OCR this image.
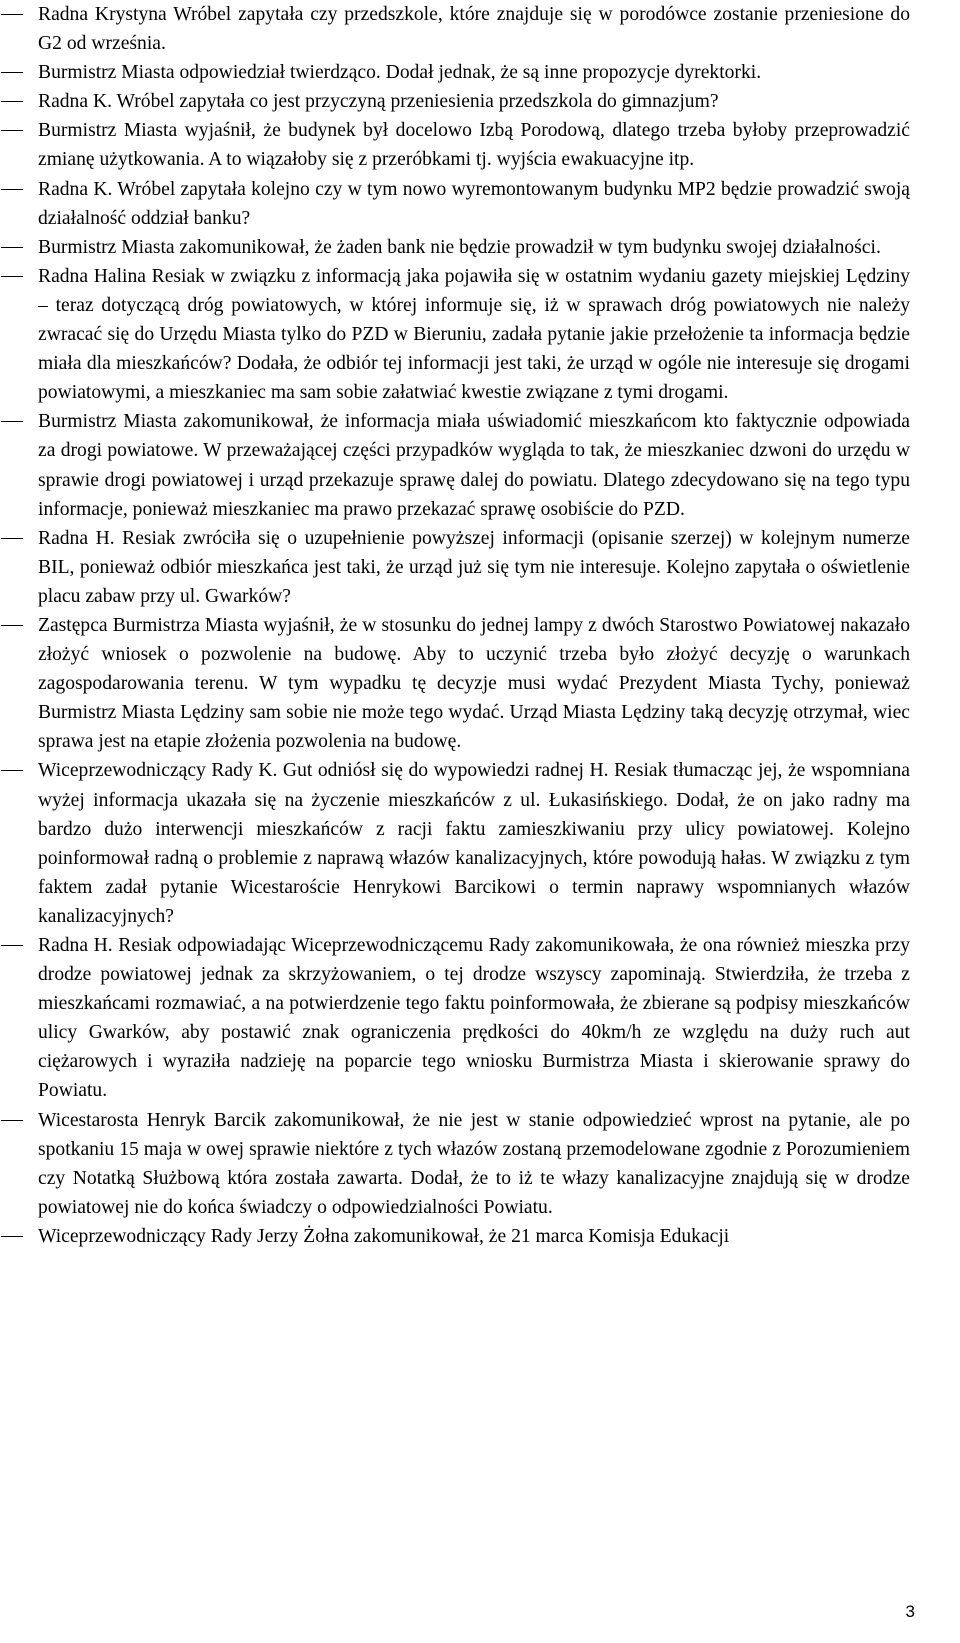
Radna Krystyna Wróbel zapytała czy przedszkole, które znajduje się w porodówce zostanie przeniesione do G2 od września.
Burmistrz Miasta odpowiedział twierdząco. Dodał jednak, że są inne propozycje dyrektorki.
Radna K. Wróbel zapytała co jest przyczyną przeniesienia przedszkola do gimnazjum?
Burmistrz Miasta wyjaśnił, że budynek był docelowo Izbą Porodową, dlatego trzeba byłoby przeprowadzić zmianę użytkowania. A to wiązałoby się z przeróbkami tj. wyjścia ewakuacyjne itp.
Radna K. Wróbel zapytała kolejno czy w tym nowo wyremontowanym budynku MP2 będzie prowadzić swoją działalność oddział banku?
Burmistrz Miasta zakomunikował, że żaden bank nie będzie prowadził w tym budynku swojej działalności.
Radna Halina Resiak w związku z informacją jaka pojawiła się w ostatnim wydaniu gazety miejskiej Lędziny – teraz dotyczącą dróg powiatowych, w której informuje się, iż w sprawach dróg powiatowych nie należy zwracać się do Urzędu Miasta tylko do PZD w Bieruniu, zadała pytanie jakie przełożenie ta informacja będzie miała dla mieszkańców? Dodała, że odbiór tej informacji jest taki, że urząd w ogóle nie interesuje się drogami powiatowymi, a mieszkaniec ma sam sobie załatwiać kwestie związane z tymi drogami.
Burmistrz Miasta zakomunikował, że informacja miała uświadomić mieszkańcom kto faktycznie odpowiada za drogi powiatowe. W przeważającej części przypadków wygląda to tak, że mieszkaniec dzwoni do urzędu w sprawie drogi powiatowej i urząd przekazuje sprawę dalej do powiatu. Dlatego zdecydowano się na tego typu informacje, ponieważ mieszkaniec ma prawo przekazać sprawę osobiście do PZD.
Radna H. Resiak zwróciła się o uzupełnienie powyższej informacji (opisanie szerzej) w kolejnym numerze BIL, ponieważ odbiór mieszkańca jest taki, że urząd już się tym nie interesuje. Kolejno zapytała o oświetlenie placu zabaw przy ul. Gwarków?
Zastępca Burmistrza Miasta wyjaśnił, że w stosunku do jednej lampy z dwóch Starostwo Powiatowej nakazało złożyć wniosek o pozwolenie na budowę. Aby to uczynić trzeba było złożyć decyzję o warunkach zagospodarowania terenu. W tym wypadku tę decyzje musi wydać Prezydent Miasta Tychy, ponieważ Burmistrz Miasta Lędziny sam sobie nie może tego wydać. Urząd Miasta Lędziny taką decyzję otrzymał, wiec sprawa jest na etapie złożenia pozwolenia na budowę.
Wiceprzewodniczący Rady K. Gut odniósł się do wypowiedzi radnej H. Resiak tłumacząc jej, że wspomniana wyżej informacja ukazała się na życzenie mieszkańców z ul. Łukasińskiego. Dodał, że on jako radny ma bardzo dużo interwencji mieszkańców z racji faktu zamieszkiwaniu przy ulicy powiatowej. Kolejno poinformował radną o problemie z naprawą włazów kanalizacyjnych, które powodują hałas. W związku z tym faktem zadał pytanie Wicestaroście Henrykowi Barcikowi o termin naprawy wspomnianych włazów kanalizacyjnych?
Radna H. Resiak odpowiadając Wiceprzewodniczącemu Rady zakomunikowała, że ona również mieszka przy drodze powiatowej jednak za skrzyżowaniem, o tej drodze wszyscy zapominają. Stwierdziła, że trzeba z mieszkańcami rozmawiać, a na potwierdzenie tego faktu poinformowała, że zbierane są podpisy mieszkańców ulicy Gwarków, aby postawić znak ograniczenia prędkości do 40km/h ze względu na duży ruch aut ciężarowych i wyraziła nadzieję na poparcie tego wniosku Burmistrza Miasta i skierowanie sprawy do Powiatu.
Wicestarosta Henryk Barcik zakomunikował, że nie jest w stanie odpowiedzieć wprost na pytanie, ale po spotkaniu 15 maja w owej sprawie niektóre z tych włazów zostaną przemodelowane zgodnie z Porozumieniem czy Notatką Służbową która została zawarta. Dodał, że to iż te włazy kanalizacyjne znajdują się w drodze powiatowej nie do końca świadczy o odpowiedzialności Powiatu.
Wiceprzewodniczący Rady Jerzy Żołna zakomunikował, że 21 marca Komisja Edukacji
3
